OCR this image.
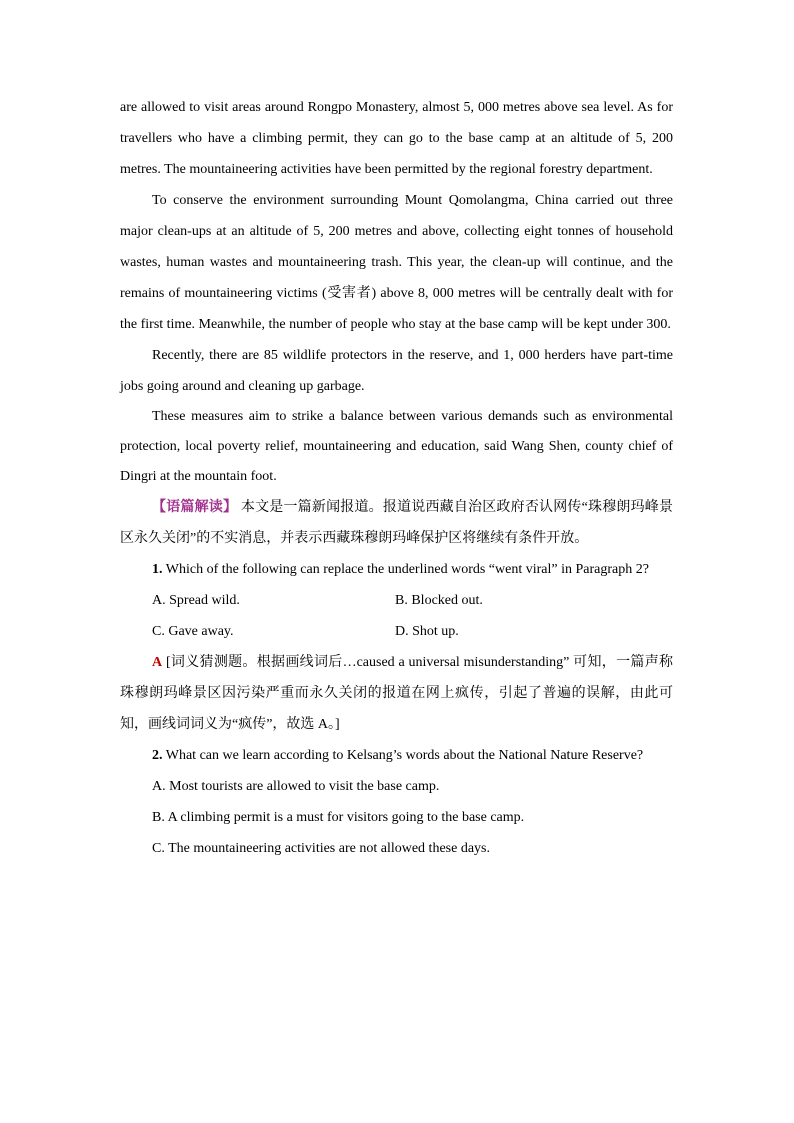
are allowed to visit areas around Rongpo Monastery, almost 5, 000 metres above sea level. As for travellers who have a climbing permit, they can go to the base camp at an altitude of 5, 200 metres. The mountaineering activities have been permitted by the regional forestry department.

To conserve the environment surrounding Mount Qomolangma, China carried out three major clean-ups at an altitude of 5, 200 metres and above, collecting eight tonnes of household wastes, human wastes and mountaineering trash. This year, the clean-up will continue, and the remains of mountaineering victims (受害者) above 8, 000 metres will be centrally dealt with for the first time. Meanwhile, the number of people who stay at the base camp will be kept under 300.

Recently, there are 85 wildlife protectors in the reserve, and 1, 000 herders have part-time jobs going around and cleaning up garbage.

These measures aim to strike a balance between various demands such as environmental protection, local poverty relief, mountaineering and education, said Wang Shen, county chief of Dingri at the mountain foot.

【语篇解读】 本文是一篇新闻报道。报道说西藏自治区政府否认网传“珠穆朗玛峰景区永久关闭”的不实消息，并表示西藏珠穆朗玛峰保护区将继续有条件开放。

1. Which of the following can replace the underlined words “went viral” in Paragraph 2?

A. Spread wild.	B. Blocked out.
C. Gave away.	D. Shot up.

A [词义猜测题。根据画线词后…caused a universal misunderstanding” 可知，一篇声称珠穆朗玛峰景区因污染严重而永久关闭的报道在网上疯传，引起了普遍的误解，由此可知，画线词词义为“疯传”，故选 A。]

2. What can we learn according to Kelsang’s words about the National Nature Reserve?

A. Most tourists are allowed to visit the base camp.

B. A climbing permit is a must for visitors going to the base camp.

C. The mountaineering activities are not allowed these days.
